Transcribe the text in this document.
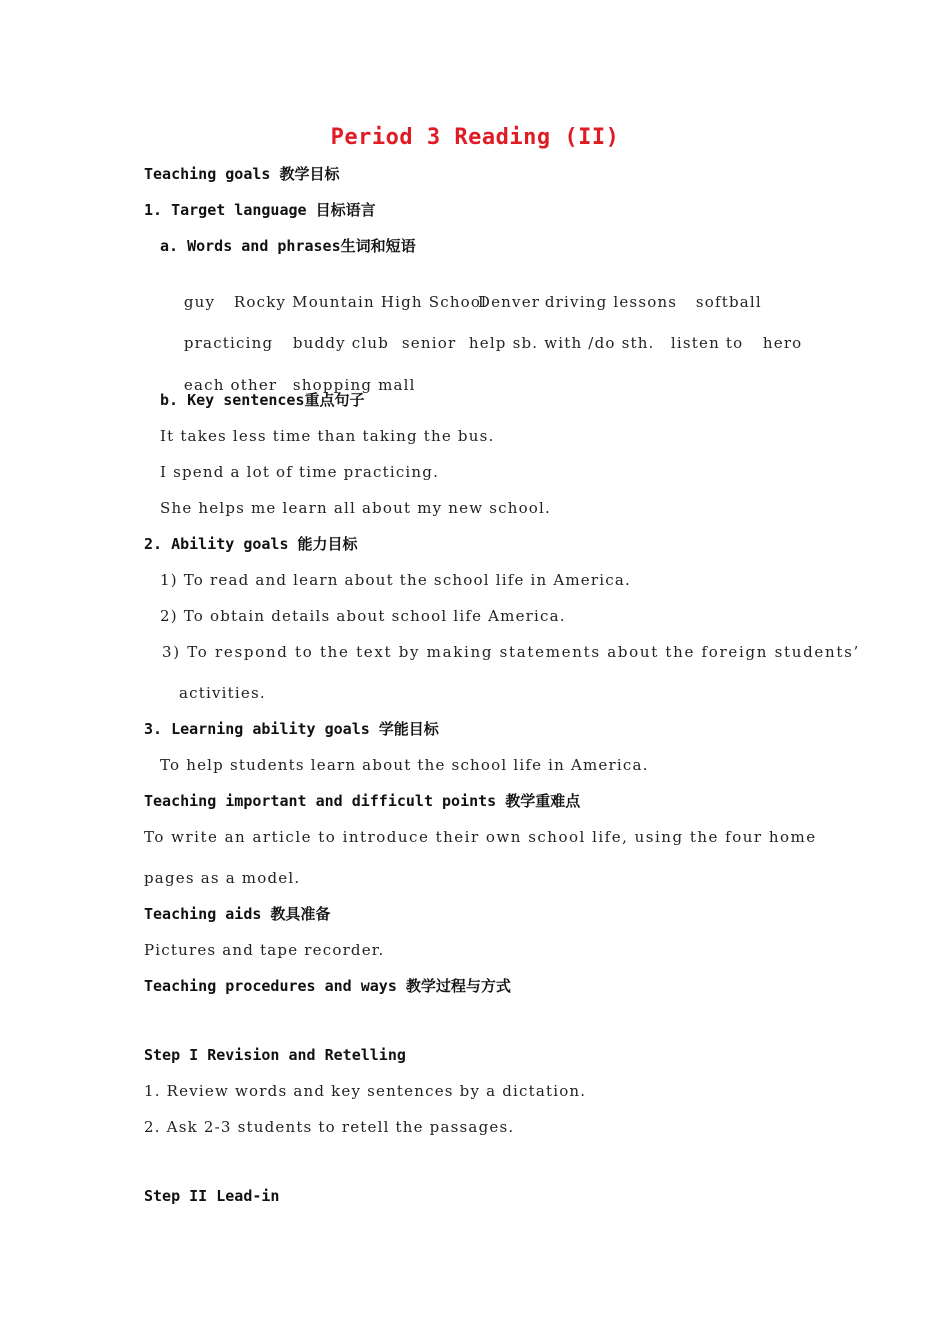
Period 3 Reading (II)
Teaching goals 教学目标
1. Target language 目标语言
a. Words and phrases生词和短语

guy Rocky Mountain High SchoolDenver driving lessons softball

practicing buddy club senior help sb. with /do sth. listen to hero

each other shopping mall

b. Key sentences重点句子
It takes less time than taking the bus.
I spend a lot of time practicing.
She helps me learn all about my new school.
2. Ability goals 能力目标
1) To read and learn about the school life in America.
2) To obtain details about school life America.
3) To respond to the text by making statements about the foreign students’
activities.
3. Learning ability goals 学能目标
To help students learn about the school life in America.
Teaching important and difficult points 教学重难点
To write an article to introduce their own school life, using the four home
pages as a model.
Teaching aids 教具准备
Pictures and tape recorder.
Teaching procedures and ways 教学过程与方式
Step I Revision and Retelling
1. Review words and key sentences by a dictation.
2. Ask 2-3 students to retell the passages.
Step II Lead-in
